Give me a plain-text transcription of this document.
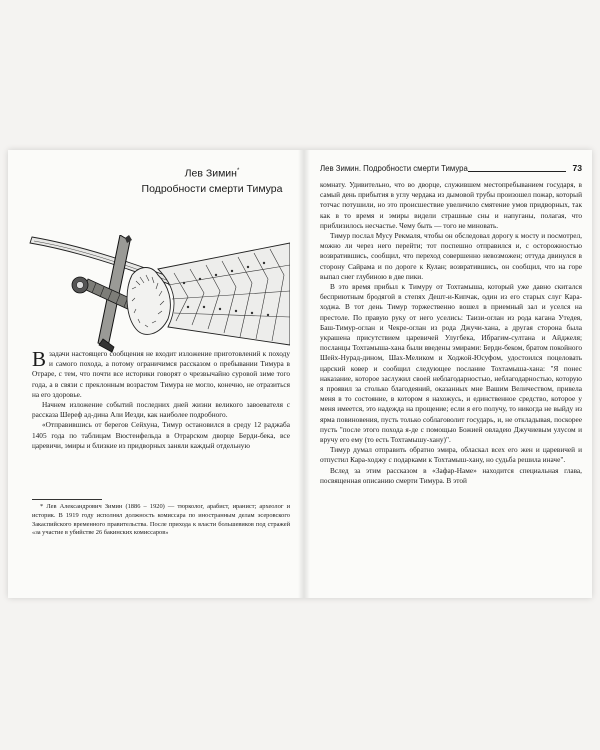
Лев Зимин*
Подробности смерти Тимура

Взадачи настоящего сообщения не входит изложение приготовлений к походу и самого похода, а потому ограничимся рассказом о пребывании Тимура в Отраре, с тем, что почти все историки говорят о чрезвычайно суровой зиме того года, а в связи с преклонным возрастом Тимура не могло, конечно, не отразиться на его здоровье.

Начнем изложение событий последних дней жизни великого завоевателя с рассказа Шереф ад-дина Али Иезди, как наиболее подробного.

«Отправившись от берегов Сейхуна, Тимур остановился в среду 12 раджаба 1405 года по таблицам Вюстенфельда в Отрарском дворце Берди-бека, все царевичи, эмиры и близкие из придворных заняли каждый отдельную

* Лев Александрович Зимин (1886 – 1920) — тюрколог, арабист, иранист; археолог и историк. В 1919 году исполнял должность комиссара по иностранным делам эсеровского Закаспийского временного правительства. После прихода к власти большевиков под стражей «за участие в убийстве 26 бакинских комиссаров»

Лев Зимин. Подробности смерти Тимура	73

комнату. Удивительно, что во дворце, служившем местопребыванием государя, в самый день прибытия в углу чердака из дымовой трубы произошел пожар, который тотчас потушили, но это происшествие увеличило смятение умов придворных, так как в то время и эмиры видели страшные сны и напуганы, полагая, что приблизилось несчастье. Чему быть — того не миновать.

Тимур послал Мусу Рекмаля, чтобы он обследовал дорогу к мосту и посмотрел, можно ли через него перейти; тот поспешно отправился и, с осторожностью возвратившись, сообщил, что переход совершенно невозможен; оттуда двинулся в сторону Сайрама и по дороге к Кулан; возвратившись, он сообщил, что на горе выпал снег глубиною в две пики.

В это время прибыл к Тимуру от Тохтамыша, который уже давно скитался бесприютным бродягой в степях Дешт-и-Кипчак, один из его старых слуг Кара-ходжа. В тот день Тимур торжественно вошел в приемный зал и уселся на престоле. По правую руку от него уселись: Таизи-оглан из рода кагана Утедея, Баш-Тимур-оглан и Чекре-оглан из рода Джучи-хана, а другая сторона была украшена присутствием царевичей Улугбека, Ибрагим-султана и Айджеля; посланцы Тохтамыша-хана были введены эмирами: Берди-беком, братом покойного Шейх-Нурад-дином, Шах-Меликом и Ходжой-Юсуфом, удостоился поцеловать царский ковер и сообщил следующее послание Тохтамыша-хана: "Я понес наказание, которое заслужил своей неблагодарностью, неблагодарностью, которую я проявил за столько благодеяний, оказанных мне Вашим Величеством, привела меня в то состояние, в котором я нахожусь, и единственное средство, которое у меня имеется, это надежда на прощение; если я его получу, то никогда не выйду из ярма повиновения, пусть только соблаговолит государь, и, не откладывая, поскорее пусть "после этого похода я-де с помощью Божией овладею Джучиевым улусом и вручу его ему (то есть Тохтамышу-хану)".

Тимур думал отправить обратно эмира, обласкал всех его жен и царевичей и отпустил Кара-ходжу с подарками к Тохтамыш-хану, но судьба решила иначе".

Вслед за этим рассказом в «Зафар-Наме» находится специальная глава, посвященная описанию смерти Тимура. В этой
